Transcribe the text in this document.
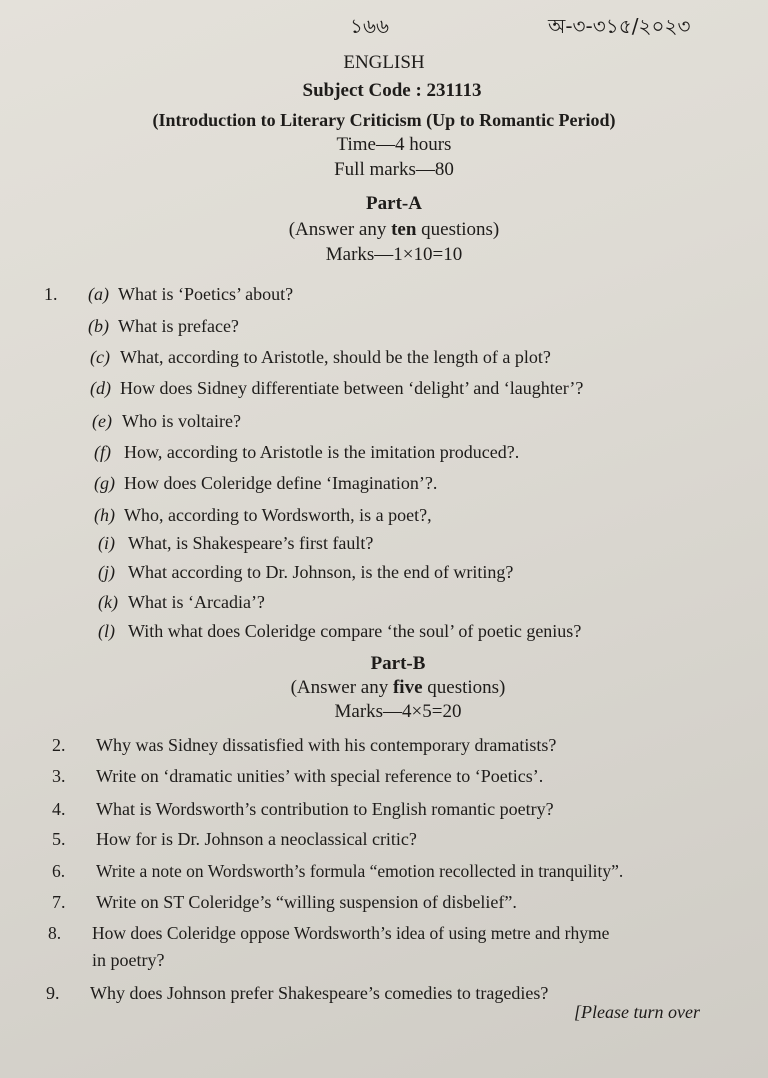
১৬৬	অ-৩-৩১৫/২০২৩
ENGLISH
Subject Code : 231113
(Introduction to Literary Criticism (Up to Romantic Period)
Time—4 hours
Full marks—80
Part-A
(Answer any ten questions)
Marks—1×10=10
1. (a) What is ‘Poetics’ about?
(b) What is preface?
(c) What, according to Aristotle, should be the length of a plot?
(d) How does Sidney differentiate between ‘delight’ and ‘laughter’?
(e) Who is voltaire?
(f) How, according to Aristotle is the imitation produced?.
(g) How does Coleridge define ‘Imagination’?.
(h) Who, according to Wordsworth, is a poet?,
(i) What, is Shakespeare’s first fault?
(j) What according to Dr. Johnson, is the end of writing?
(k) What is ‘Arcadia’?
(l) With what does Coleridge compare ‘the soul’ of poetic genius?
Part-B
(Answer any five questions)
Marks—4×5=20
2. Why was Sidney dissatisfied with his contemporary dramatists?
3. Write on ‘dramatic unities’ with special reference to ‘Poetics’.
4. What is Wordsworth’s contribution to English romantic poetry?
5. How for is Dr. Johnson a neoclassical critic?
6. Write a note on Wordsworth’s formula “emotion recollected in tranquility”.
7. Write on ST Coleridge’s “willing suspension of disbelief”.
8. How does Coleridge oppose Wordsworth’s idea of using metre and rhyme
in poetry?
9. Why does Johnson prefer Shakespeare’s comedies to tragedies?
[Please turn over
